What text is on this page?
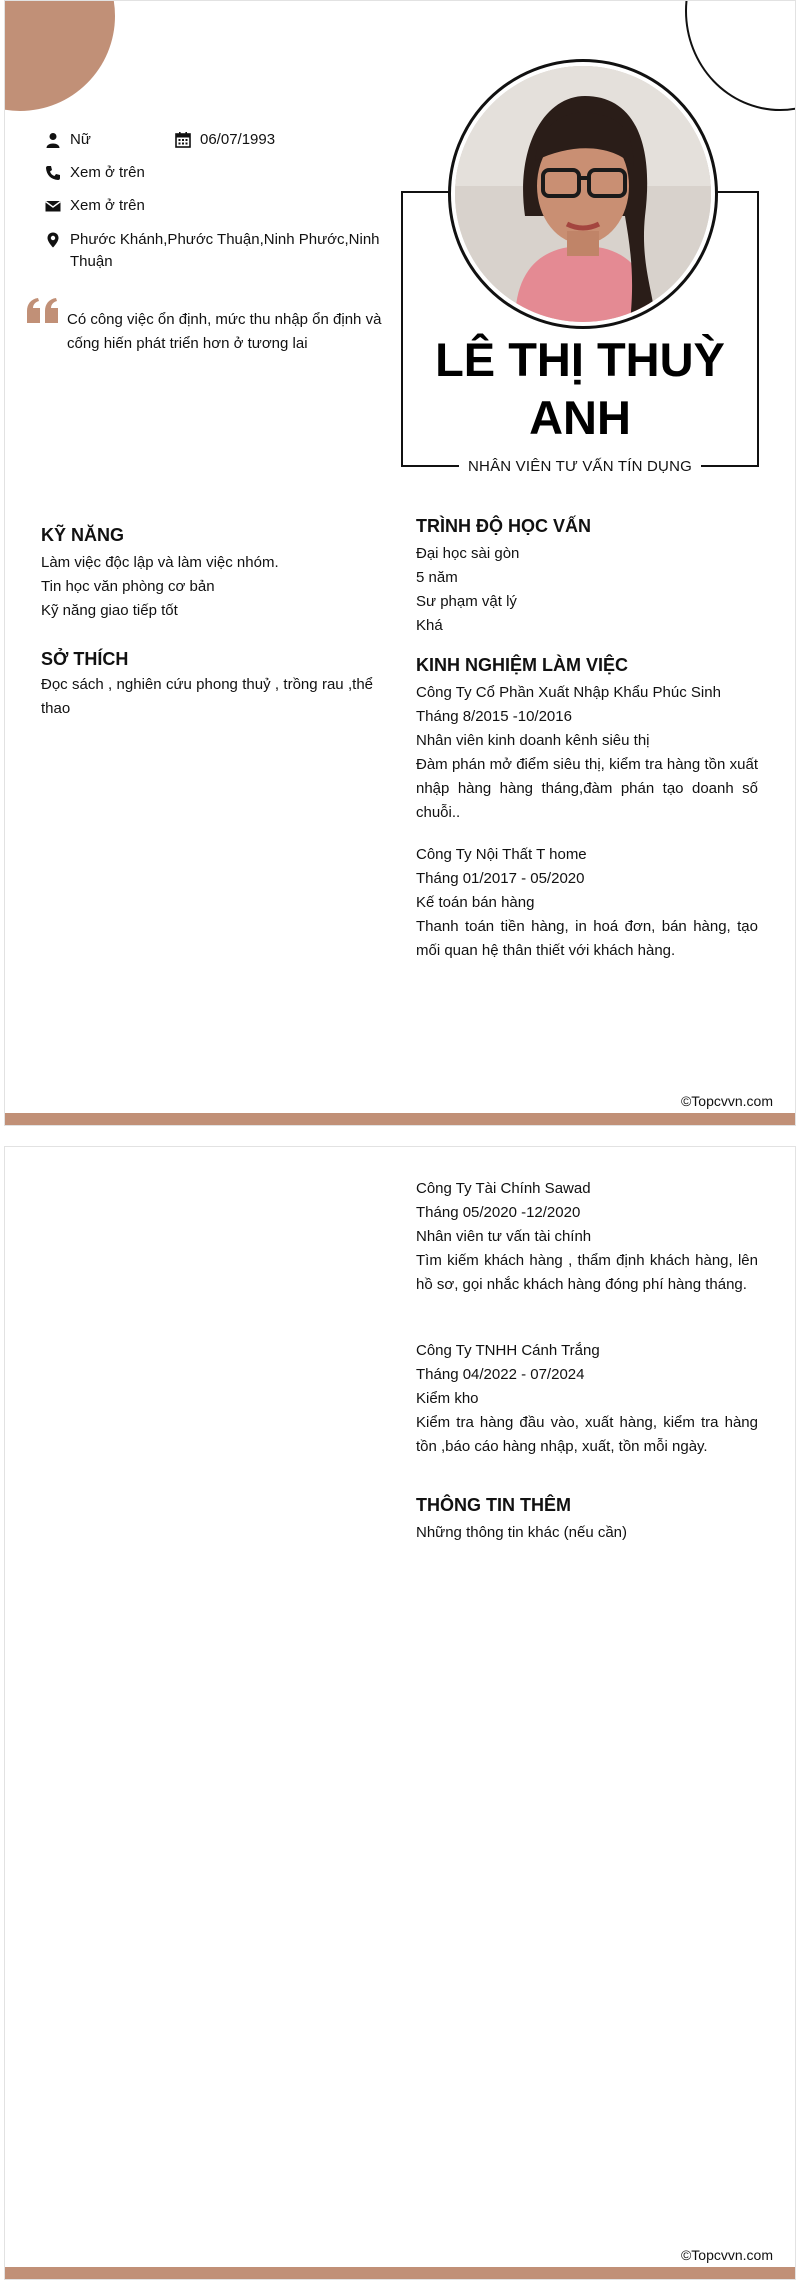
Nữ	06/07/1993
Xem ở trên
Xem ở trên
Phước Khánh,Phước Thuận,Ninh Phước,Ninh Thuận
Có công việc ổn định, mức thu nhập ổn định và cống hiến phát triển hơn ở tương lai	LÊ THỊ THUỲ
ANH
NHÂN VIÊN TƯ VẤN TÍN DỤNG
KỸ NĂNG

Làm việc độc lập và làm việc nhóm.

Tin học văn phòng cơ bản

Kỹ năng giao tiếp tốt

SỞ THÍCH
Đọc sách , nghiên cứu phong thuỷ , trồng rau ,thể thao
TRÌNH ĐỘ HỌC VẤN

Đại học sài gòn

5 năm

Sư phạm vật lý

Khá

KINH NGHIỆM LÀM VIỆC

Công Ty Cổ Phần Xuất Nhập Khẩu Phúc Sinh

Tháng 8/2015 -10/2016

Nhân viên kinh doanh kênh siêu thị

Đàm phán mở điểm siêu thị, kiểm tra hàng tồn xuất nhập hàng hàng tháng,đàm phán tạo doanh số chuỗi..

Công Ty Nội Thất T home

Tháng 01/2017 - 05/2020

Kế toán bán hàng

Thanh toán tiền hàng, in hoá đơn, bán hàng, tạo mối quan hệ thân thiết với khách hàng.

©Topcvvn.com

Công Ty Tài Chính Sawad

Tháng 05/2020 -12/2020

Nhân viên tư vấn tài chính

Tìm kiếm khách hàng , thẩm định khách hàng, lên hồ sơ, gọi nhắc khách hàng đóng phí hàng tháng.

Công Ty TNHH Cánh Trắng

Tháng 04/2022 - 07/2024

Kiểm kho

Kiểm tra hàng đầu vào, xuất hàng, kiểm tra hàng tồn ,báo cáo hàng nhập, xuất, tồn mỗi ngày.

THÔNG TIN THÊM
Những thông tin khác (nếu cần)
©Topcvvn.com
